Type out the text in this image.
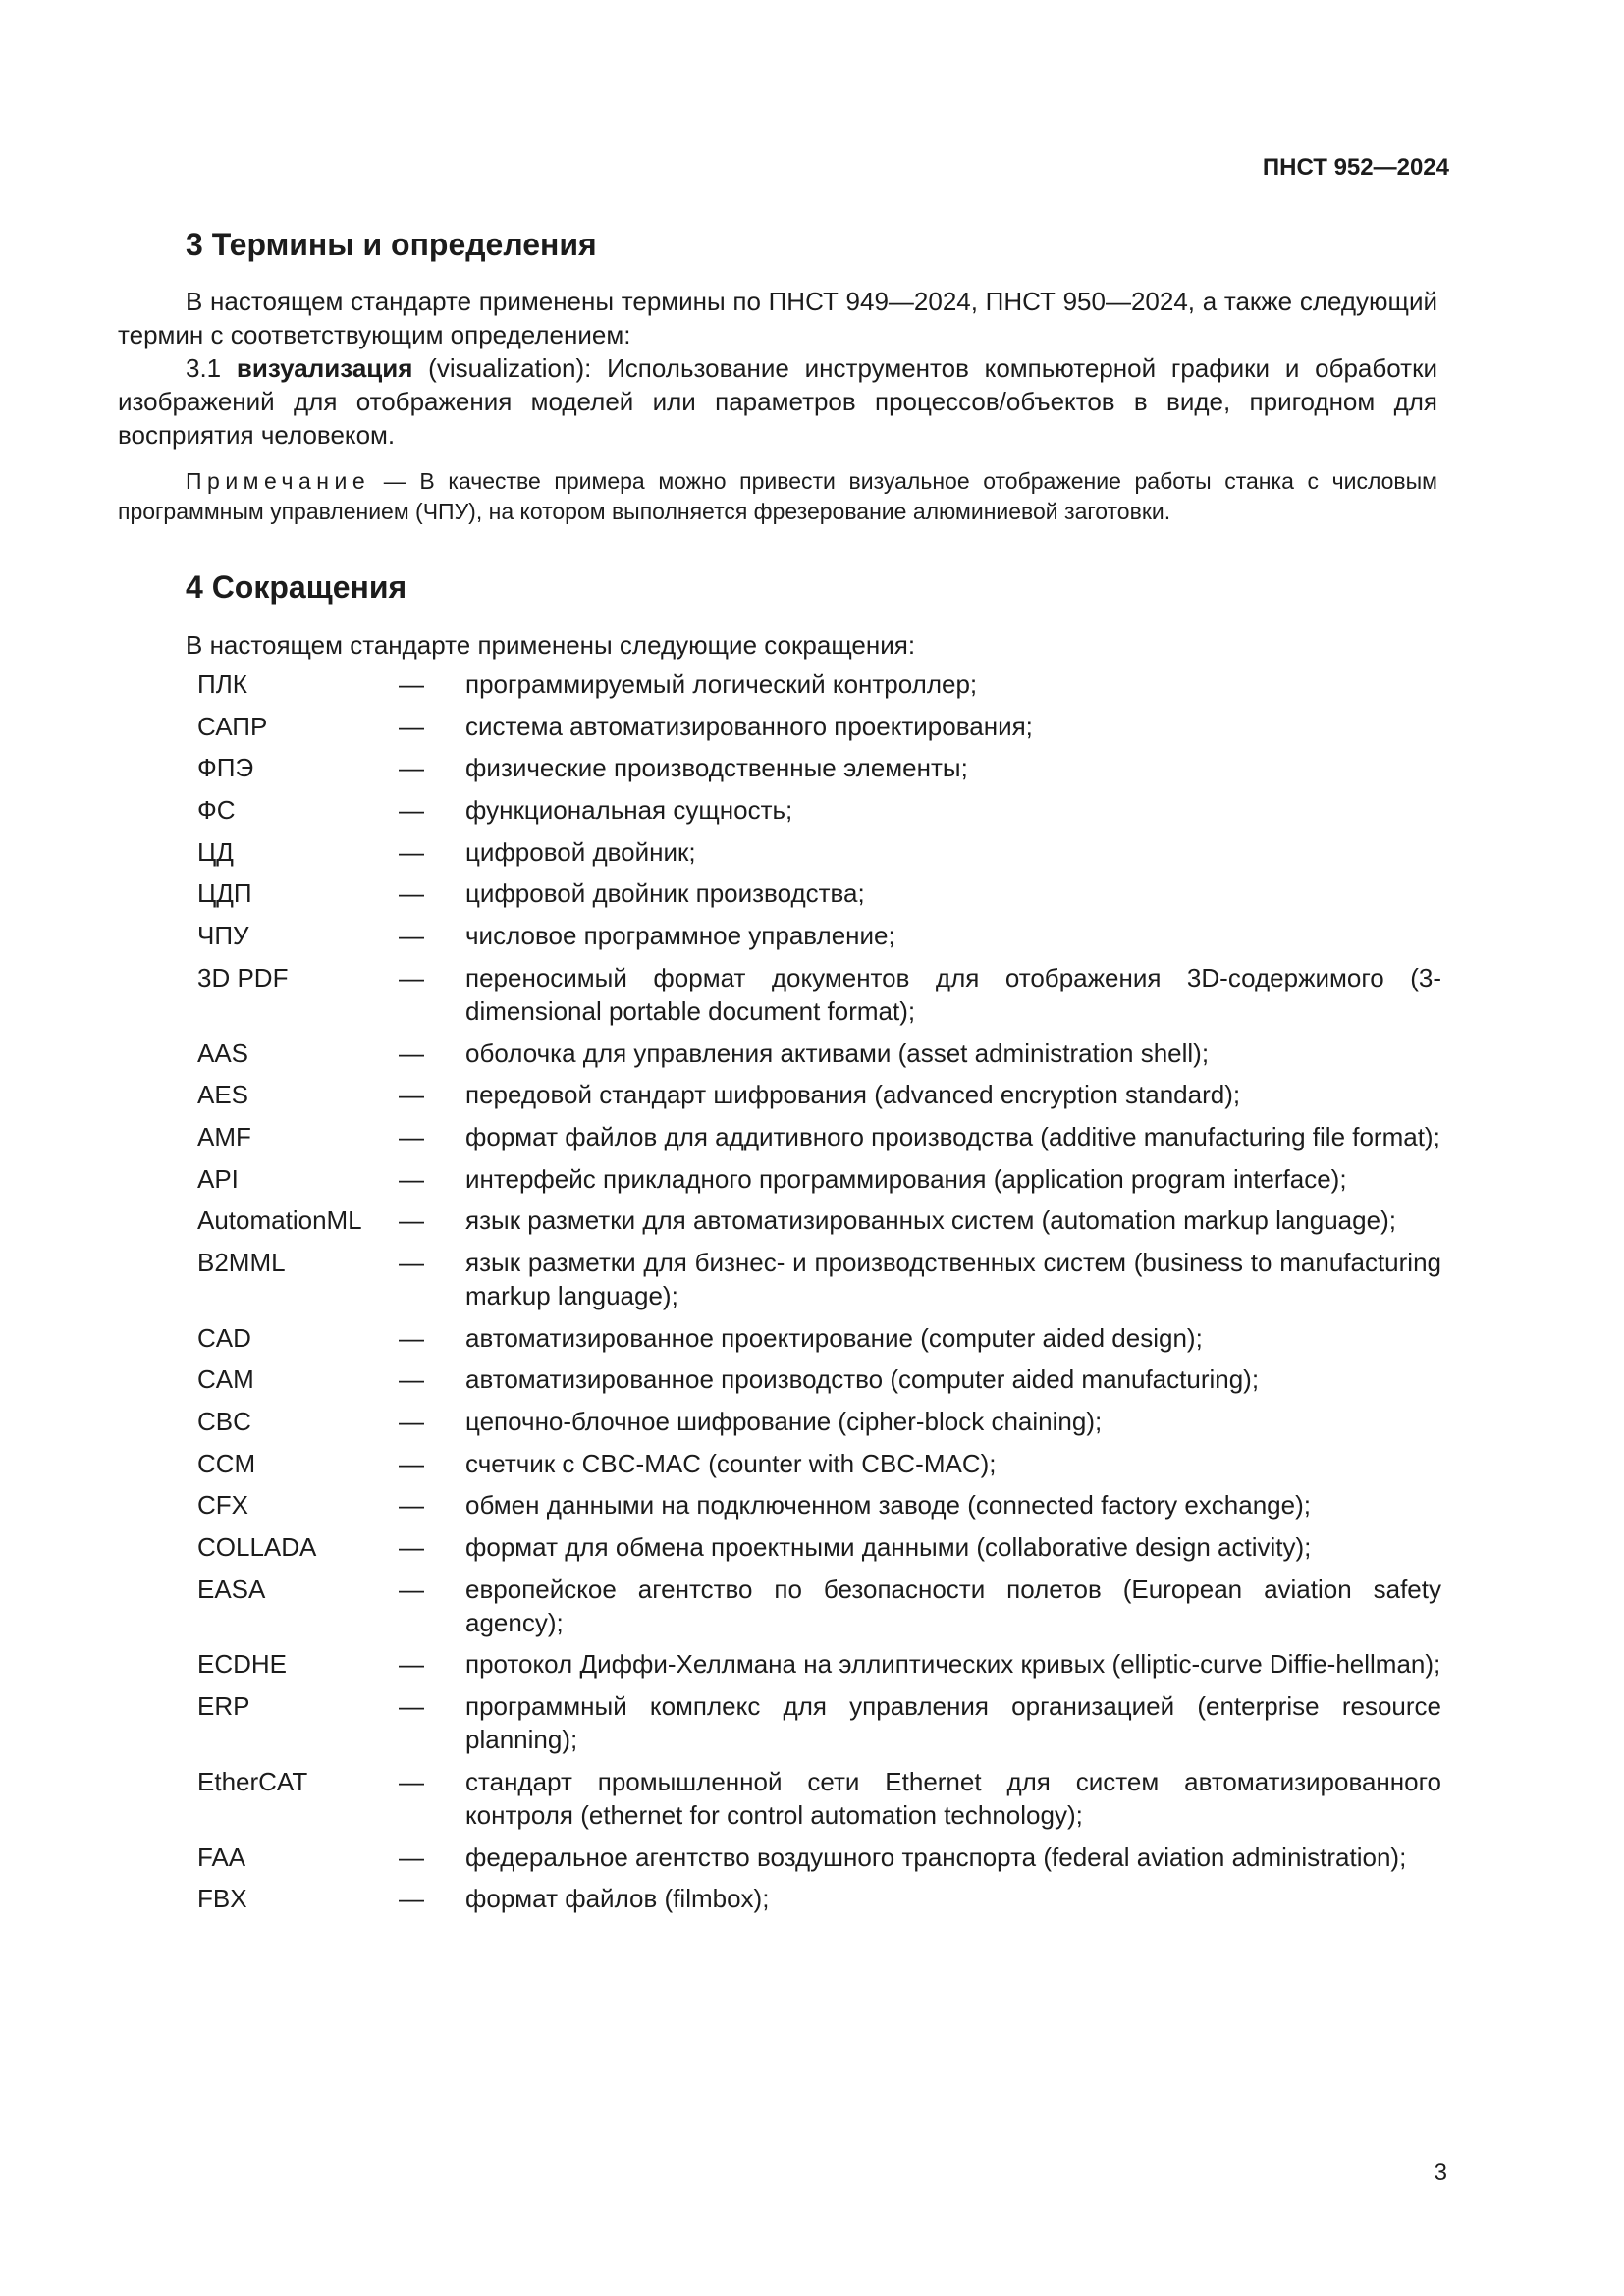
ПНСТ 952—2024
3 Термины и определения

В настоящем стандарте применены термины по ПНСТ 949—2024, ПНСТ 950—2024, а также следующий термин с соответствующим определением:

3.1 визуализация (visualization): Использование инструментов компьютерной графики и обработки изображений для отображения моделей или параметров процессов/объектов в виде, пригодном для восприятия человеком.

Примечание — В качестве примера можно привести визуальное отображение работы станка с числовым программным управлением (ЧПУ), на котором выполняется фрезерование алюминиевой заготовки.
4 Сокращения
В настоящем стандарте применены следующие сокращения:
ПЛК	—	программируемый логический контроллер;
САПР	—	система автоматизированного проектирования;
ФПЭ	—	физические производственные элементы;
ФС	—	функциональная сущность;
ЦД	—	цифровой двойник;
ЦДП	—	цифровой двойник производства;
ЧПУ	—	числовое программное управление;
3D PDF	—	переносимый формат документов для отображения 3D-содержимого (3-dimensional portable document format);
AAS	—	оболочка для управления активами (asset administration shell);
AES	—	передовой стандарт шифрования (advanced encryption standard);
AMF	—	формат файлов для аддитивного производства (additive manufacturing file format);
API	—	интерфейс прикладного программирования (application program interface);
AutomationML	—	язык разметки для автоматизированных систем (automation markup language);
B2MML	—	язык разметки для бизнес- и производственных систем (business to manufacturing markup language);
CAD	—	автоматизированное проектирование (computer aided design);
CAM	—	автоматизированное производство (computer aided manufacturing);
CBC	—	цепочно-блочное шифрование (cipher-block chaining);
CCM	—	счетчик с CBC-MAC (counter with CBC-MAC);
CFX	—	обмен данными на подключенном заводе (connected factory exchange);
COLLADA	—	формат для обмена проектными данными (collaborative design activity);
EASA	—	европейское агентство по безопасности полетов (European aviation safety agency);
ECDHE	—	протокол Диффи-Хеллмана на эллиптических кривых (elliptic-curve Diffie-hellman);
ERP	—	программный комплекс для управления организацией (enterprise resource planning);
EtherCAT	—	стандарт промышленной сети Ethernet для систем автоматизированного контроля (ethernet for control automation technology);
FAA	—	федеральное агентство воздушного транспорта (federal aviation administration);
FBX	—	формат файлов (filmbox);
3
